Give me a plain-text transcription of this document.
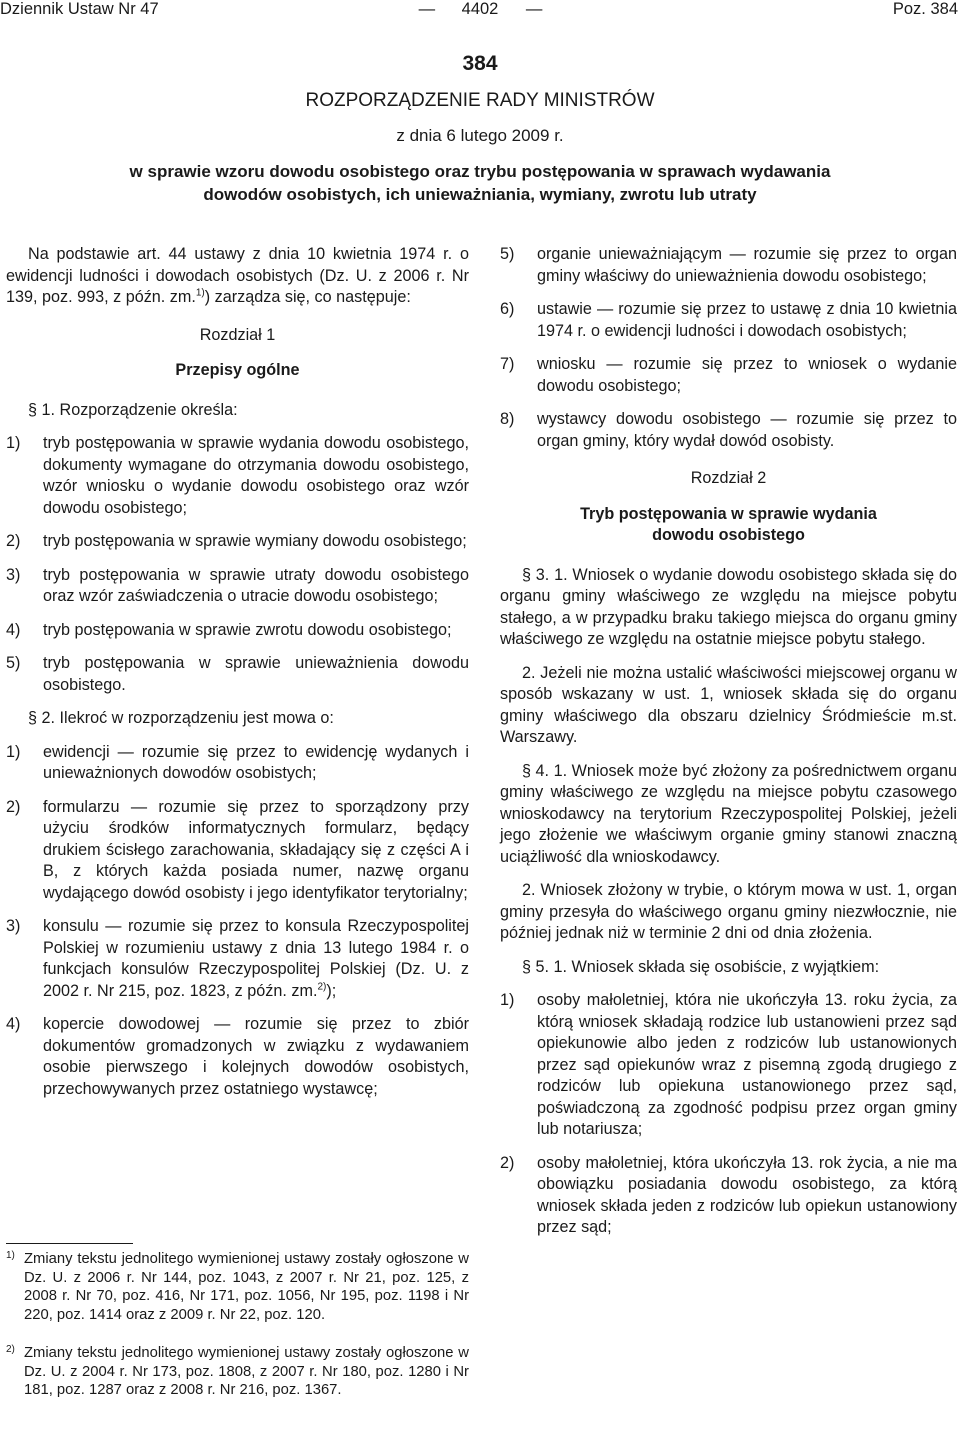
Dziennik Ustaw Nr 47	— 4402 —	Poz. 384
384
ROZPORZĄDZENIE RADY MINISTRÓW
z dnia 6 lutego 2009 r.
w sprawie wzoru dowodu osobistego oraz trybu postępowania w sprawach wydawania
dowodów osobistych, ich unieważniania, wymiany, zwrotu lub utraty

Na podstawie art. 44 ustawy z dnia 10 kwietnia 1974 r. o ewidencji ludności i dowodach osobistych (Dz. U. z 2006 r. Nr 139, poz. 993, z późn. zm.$^{1)}$) zarządza się, co następuje:

Rozdział 1

Przepisy ogólne

§ 1. Rozporządzenie określa:

1)	tryb postępowania w sprawie wydania dowodu osobistego, dokumenty wymagane do otrzymania dowodu osobistego, wzór wniosku o wydanie dowodu osobistego oraz wzór dowodu osobistego;
2)	tryb postępowania w sprawie wymiany dowodu osobistego;
3)	tryb postępowania w sprawie utraty dowodu osobistego oraz wzór zaświadczenia o utracie dowodu osobistego;
4)	tryb postępowania w sprawie zwrotu dowodu osobistego;
5)	tryb postępowania w sprawie unieważnienia dowodu osobistego.

§ 2. Ilekroć w rozporządzeniu jest mowa o:

1)	ewidencji — rozumie się przez to ewidencję wydanych i unieważnionych dowodów osobistych;
2)	formularzu — rozumie się przez to sporządzony przy użyciu środków informatycznych formularz, będący drukiem ścisłego zarachowania, składający się z części A i B, z których każda posiada numer, nazwę organu wydającego dowód osobisty i jego identyfikator terytorialny;
3)	konsulu — rozumie się przez to konsula Rzeczypospolitej Polskiej w rozumieniu ustawy z dnia 13 lutego 1984 r. o funkcjach konsulów Rzeczypospolitej Polskiej (Dz. U. z 2002 r. Nr 215, poz. 1823, z późn. zm.$^{2)}$);
4)	kopercie dowodowej — rozumie się przez to zbiór dokumentów gromadzonych w związku z wydawaniem osobie pierwszego i kolejnych dowodów osobistych, przechowywanych przez ostatniego wystawcę;
5)	organie unieważniającym — rozumie się przez to organ gminy właściwy do unieważnienia dowodu osobistego;
6)	ustawie — rozumie się przez to ustawę z dnia 10 kwietnia 1974 r. o ewidencji ludności i dowodach osobistych;
7)	wniosku — rozumie się przez to wniosek o wydanie dowodu osobistego;
8)	wystawcy dowodu osobistego — rozumie się przez to organ gminy, który wydał dowód osobisty.

Rozdział 2

Tryb postępowania w sprawie wydania
dowodu osobistego

§ 3. 1. Wniosek o wydanie dowodu osobistego składa się do organu gminy właściwego ze względu na miejsce pobytu stałego, a w przypadku braku takiego miejsca do organu gminy właściwego ze względu na ostatnie miejsce pobytu stałego.

2. Jeżeli nie można ustalić właściwości miejscowej organu w sposób wskazany w ust. 1, wniosek składa się do organu gminy właściwego dla obszaru dzielnicy Śródmieście m.st. Warszawy.

§ 4. 1. Wniosek może być złożony za pośrednictwem organu gminy właściwego ze względu na miejsce pobytu czasowego wnioskodawcy na terytorium Rzeczypospolitej Polskiej, jeżeli jego złożenie we właściwym organie gminy stanowi znaczną uciążliwość dla wnioskodawcy.

2. Wniosek złożony w trybie, o którym mowa w ust. 1, organ gminy przesyła do właściwego organu gminy niezwłocznie, nie później jednak niż w terminie 2 dni od dnia złożenia.

§ 5. 1. Wniosek składa się osobiście, z wyjątkiem:

1)	osoby małoletniej, która nie ukończyła 13. roku życia, za którą wniosek składają rodzice lub ustanowieni przez sąd opiekunowie albo jeden z rodziców lub ustanowionych przez sąd opiekunów wraz z pisemną zgodą drugiego z rodziców lub opiekuna ustanowionego przez sąd, poświadczoną za zgodność podpisu przez organ gminy lub notariusza;
2)	osoby małoletniej, która ukończyła 13. rok życia, a nie ma obowiązku posiadania dowodu osobistego, za którą wniosek składa jeden z rodziców lub opiekun ustanowiony przez sąd;
1) Zmiany tekstu jednolitego wymienionej ustawy zostały ogłoszone w Dz. U. z 2006 r. Nr 144, poz. 1043, z 2007 r. Nr 21, poz. 125, z 2008 r. Nr 70, poz. 416, Nr 171, poz. 1056, Nr 195, poz. 1198 i Nr 220, poz. 1414 oraz z 2009 r. Nr 22, poz. 120.
2) Zmiany tekstu jednolitego wymienionej ustawy zostały ogłoszone w Dz. U. z 2004 r. Nr 173, poz. 1808, z 2007 r. Nr 180, poz. 1280 i Nr 181, poz. 1287 oraz z 2008 r. Nr 216, poz. 1367.
